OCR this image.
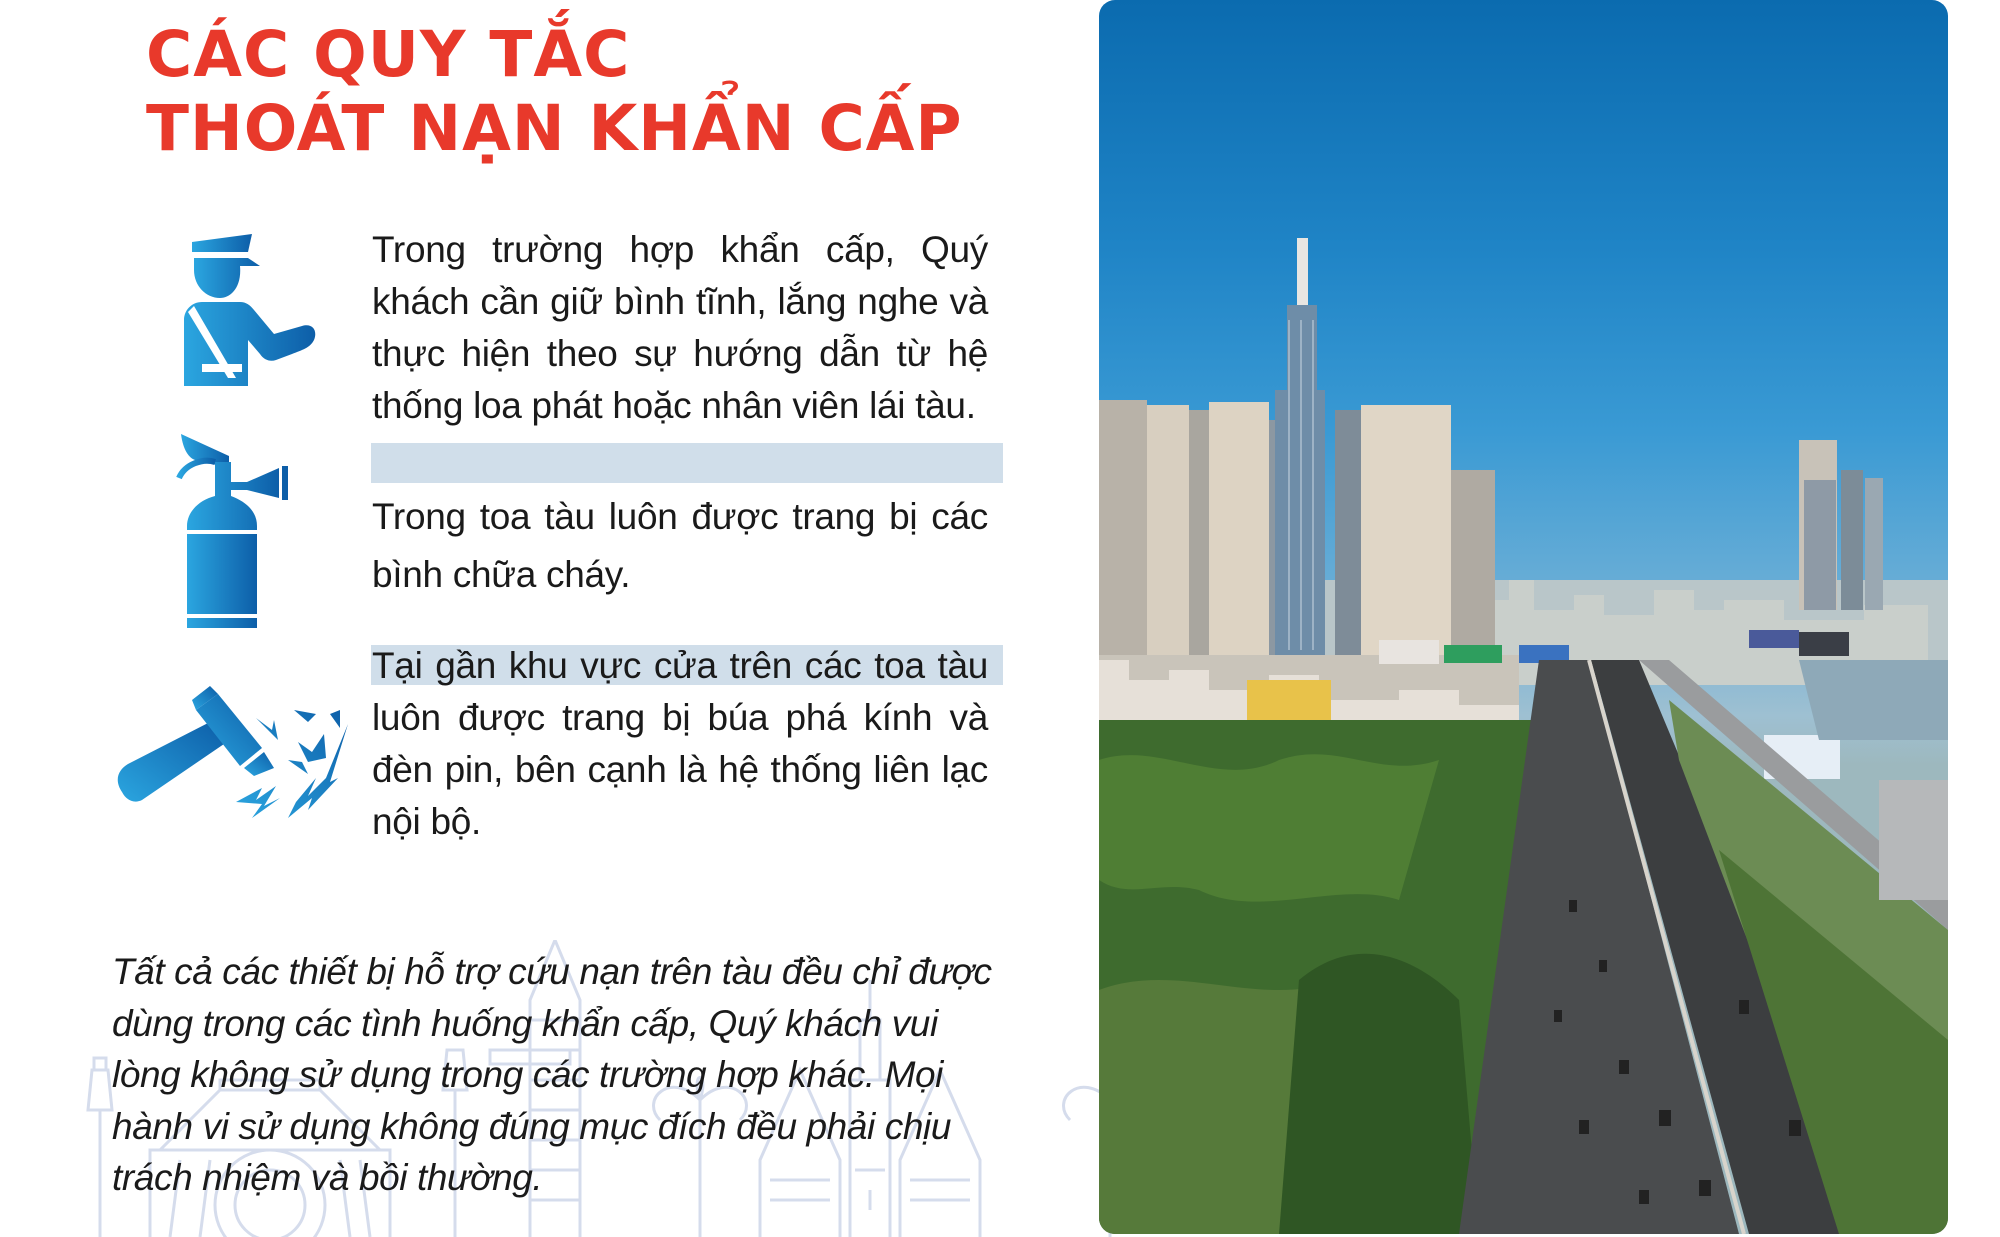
CÁC QUY TẮC
THOÁT NẠN KHẨN CẤP

Trong trường hợp khẩn cấp, Quý khách cần giữ bình tĩnh, lắng nghe và thực hiện theo sự hướng dẫn từ hệ thống loa phát hoặc nhân viên lái tàu.

Trong toa tàu luôn được trang bị các bình chữa cháy.

Tại gần khu vực cửa trên các toa tàu luôn được trang bị búa phá kính và đèn pin, bên cạnh là hệ thống liên lạc nội bộ.

Tất cả các thiết bị hỗ trợ cứu nạn trên tàu đều chỉ được dùng trong các tình huống khẩn cấp, Quý khách vui lòng không sử dụng trong các trường hợp khác. Mọi hành vi sử dụng không đúng mục đích đều phải chịu trách nhiệm và bồi thường.
